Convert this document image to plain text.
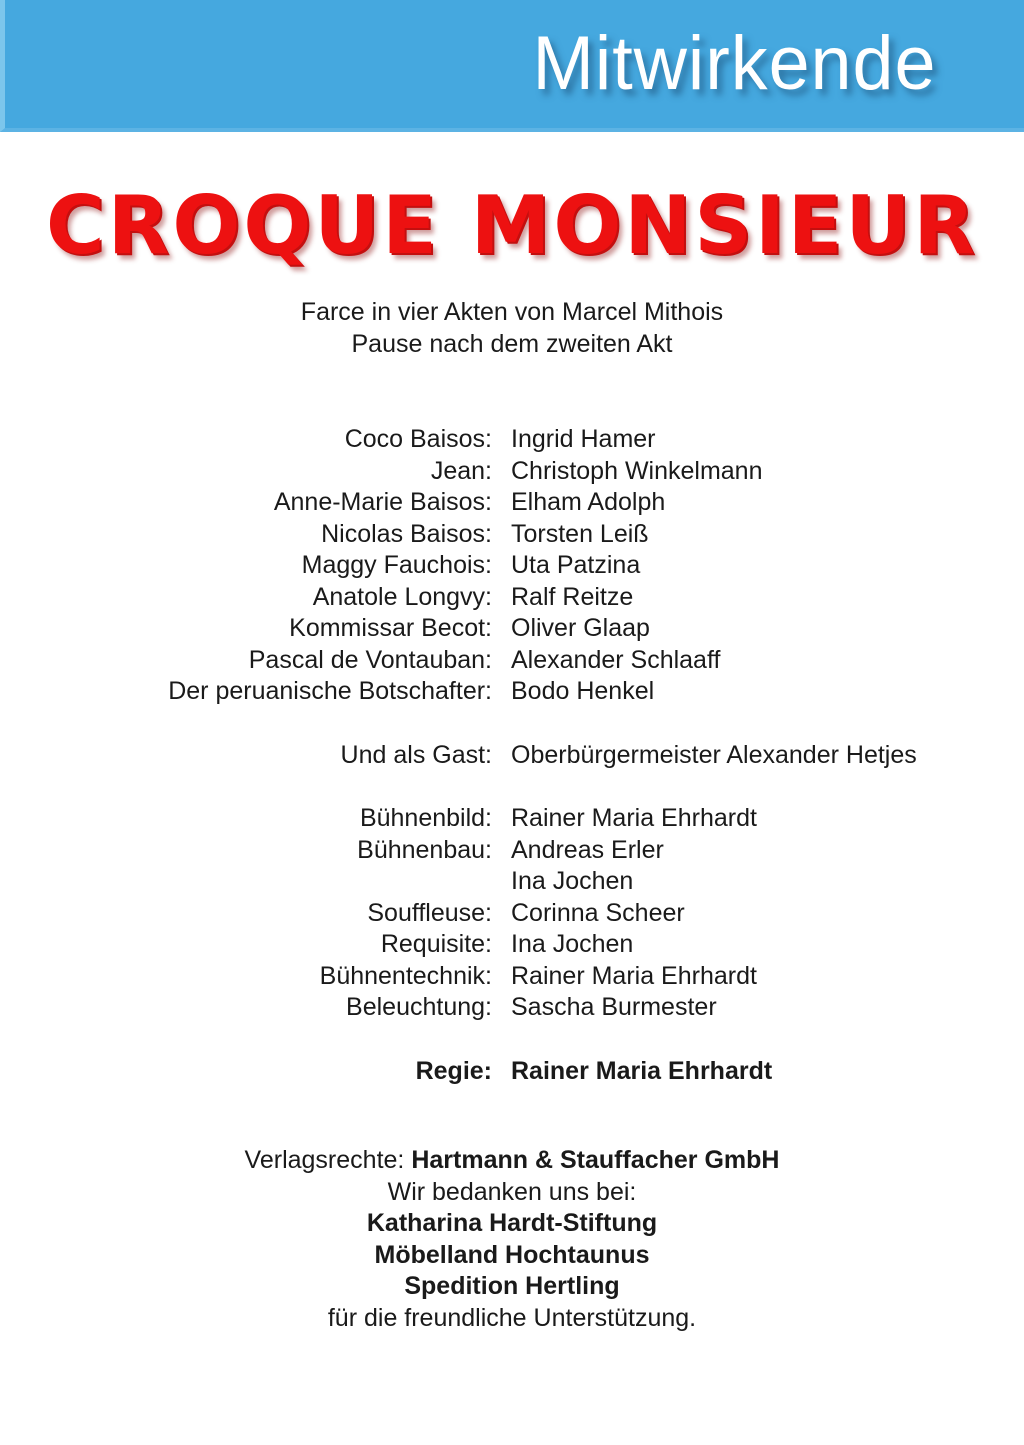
Mitwirkende
CROQUE MONSIEUR
Farce in vier Akten von Marcel Mithois
Pause nach dem zweiten Akt
Coco Baisos: Ingrid Hamer
Jean: Christoph Winkelmann
Anne-Marie Baisos: Elham Adolph
Nicolas Baisos: Torsten Leiß
Maggy Fauchois: Uta Patzina
Anatole Longvy: Ralf Reitze
Kommissar Becot: Oliver Glaap
Pascal de Vontauban: Alexander Schlaaff
Der peruanische Botschafter: Bodo Henkel
Und als Gast: Oberbürgermeister Alexander Hetjes
Bühnenbild: Rainer Maria Ehrhardt
Bühnenbau: Andreas Erler
Ina Jochen
Souffleuse: Corinna Scheer
Requisite: Ina Jochen
Bühnentechnik: Rainer Maria Ehrhardt
Beleuchtung: Sascha Burmester
Regie: Rainer Maria Ehrhardt
Verlagsrechte: Hartmann & Stauffacher GmbH
Wir bedanken uns bei:
Katharina Hardt-Stiftung
Möbelland Hochtaunus
Spedition Hertling
für die freundliche Unterstützung.
